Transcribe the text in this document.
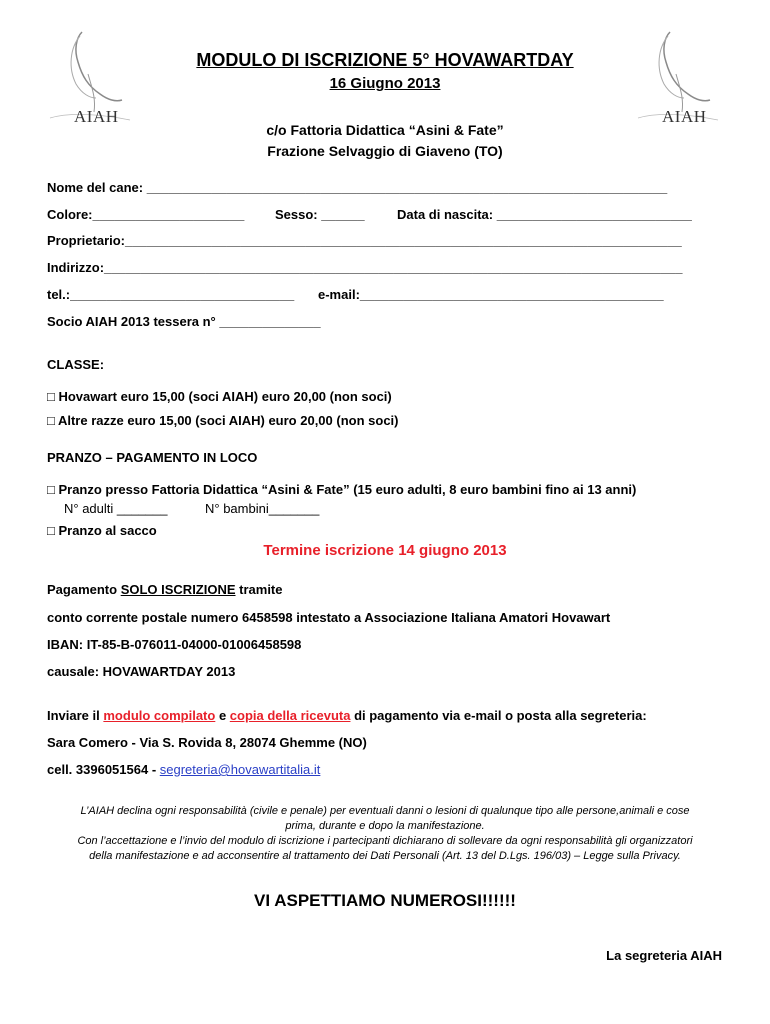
AIAH	AIAH
MODULO DI ISCRIZIONE 5° HOVAWARTDAY
16 Giugno 2013
c/o Fattoria Didattica “Asini & Fate”
Frazione Selvaggio di Giaveno (TO)
Nome del cane: ________________________________________________________________________
Colore:_____________________ Sesso: ______ Data di nascita: ___________________________
Proprietario:_____________________________________________________________________________
Indirizzo:________________________________________________________________________________
tel.:_______________________________ e-mail:__________________________________________
Socio AIAH 2013 tessera n° ______________
CLASSE:
□ Hovawart euro 15,00 (soci AIAH) euro 20,00 (non soci)
□ Altre razze euro 15,00 (soci AIAH) euro 20,00 (non soci)
PRANZO – PAGAMENTO IN LOCO
□ Pranzo presso Fattoria Didattica “Asini & Fate” (15 euro adulti, 8 euro bambini fino ai 13 anni)
N° adulti _______	N° bambini_______
□ Pranzo al sacco
Termine iscrizione 14 giugno 2013
Pagamento SOLO ISCRIZIONE tramite
conto corrente postale numero 6458598 intestato a Associazione Italiana Amatori Hovawart
IBAN: IT-85-B-076011-04000-01006458598
causale: HOVAWARTDAY 2013
Inviare il modulo compilato e copia della ricevuta di pagamento via e-mail o posta alla segreteria:
Sara Comero - Via S. Rovida 8, 28074 Ghemme (NO)
cell. 3396051564 - segreteria@hovawartitalia.it
L’AIAH declina ogni responsabilità (civile e penale) per eventuali danni o lesioni di qualunque tipo alle persone,animali e cose
prima, durante e dopo la manifestazione.
Con l’accettazione e l’invio del modulo di iscrizione i partecipanti dichiarano di sollevare da ogni responsabilità gli organizzatori
della manifestazione e ad acconsentire al trattamento dei Dati Personali (Art. 13 del D.Lgs. 196/03) – Legge sulla Privacy.
VI ASPETTIAMO NUMEROSI!!!!!!
La segreteria AIAH
